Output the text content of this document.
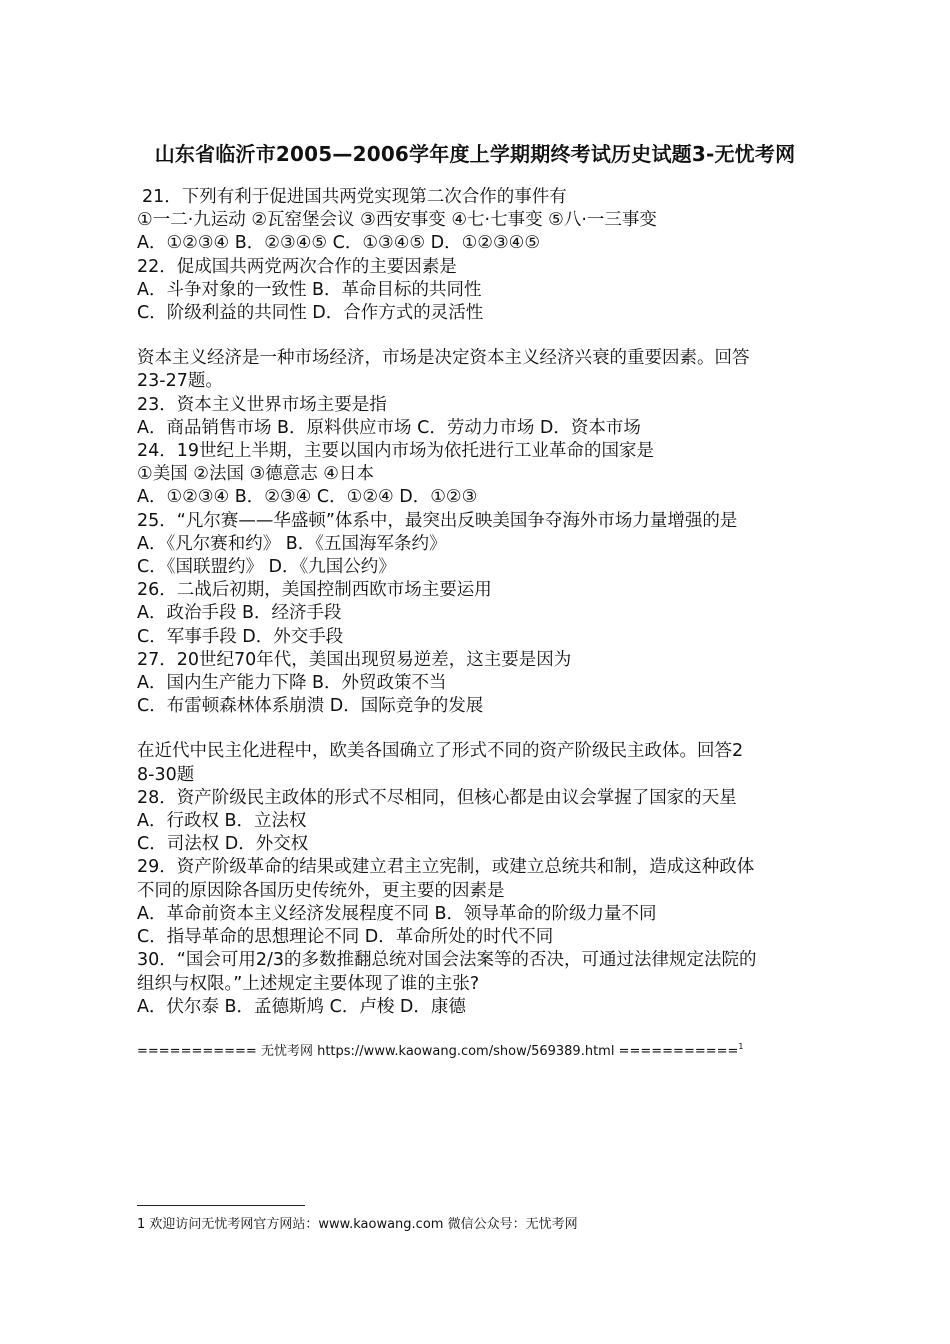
山东省临沂市2005—2006学年度上学期期终考试历史试题3-无忧考网
21．下列有利于促进国共两党实现第二次合作的事件有
①一二·九运动 ②瓦窑堡会议 ③西安事变 ④七·七事变 ⑤八·一三事变
A．①②③④ B．②③④⑤ C．①③④⑤ D．①②③④⑤
22．促成国共两党两次合作的主要因素是
A．斗争对象的一致性 B．革命目标的共同性
C．阶级利益的共同性 D．合作方式的灵活性
资本主义经济是一种市场经济，市场是决定资本主义经济兴衰的重要因素。回答
23-27题。
23．资本主义世界市场主要是指
A．商品销售市场 B．原料供应市场 C．劳动力市场 D．资本市场
24．19世纪上半期，主要以国内市场为依托进行工业革命的国家是
①美国 ②法国 ③德意志 ④日本
A．①②③④ B．②③④ C．①②④ D．①②③
25．“凡尔赛——华盛顿”体系中，最突出反映美国争夺海外市场力量增强的是
A．《凡尔赛和约》 B．《五国海军条约》
C．《国联盟约》 D．《九国公约》
26．二战后初期，美国控制西欧市场主要运用
A．政治手段 B．经济手段
C．军事手段 D．外交手段
27．20世纪70年代，美国出现贸易逆差，这主要是因为
A．国内生产能力下降 B．外贸政策不当
C．布雷顿森林体系崩溃 D．国际竞争的发展
在近代中民主化进程中，欧美各国确立了形式不同的资产阶级民主政体。回答2
8-30题
28．资产阶级民主政体的形式不尽相同，但核心都是由议会掌握了国家的天星
A．行政权 B．立法权
C．司法权 D．外交权
29．资产阶级革命的结果或建立君主立宪制，或建立总统共和制，造成这种政体
不同的原因除各国历史传统外，更主要的因素是
A．革命前资本主义经济发展程度不同 B．领导革命的阶级力量不同
C．指导革命的思想理论不同 D．革命所处的时代不同
30．“国会可用2/3的多数推翻总统对国会法案等的否决，可通过法律规定法院的
组织与权限。”上述规定主要体现了谁的主张?
A．伏尔泰 B．孟德斯鸠 C．卢梭 D．康德
=========== 无忧考网 https://www.kaowang.com/show/569389.html ===========$^1$
1 欢迎访问无忧考网官方网站：www.kaowang.com 微信公众号：无忧考网
